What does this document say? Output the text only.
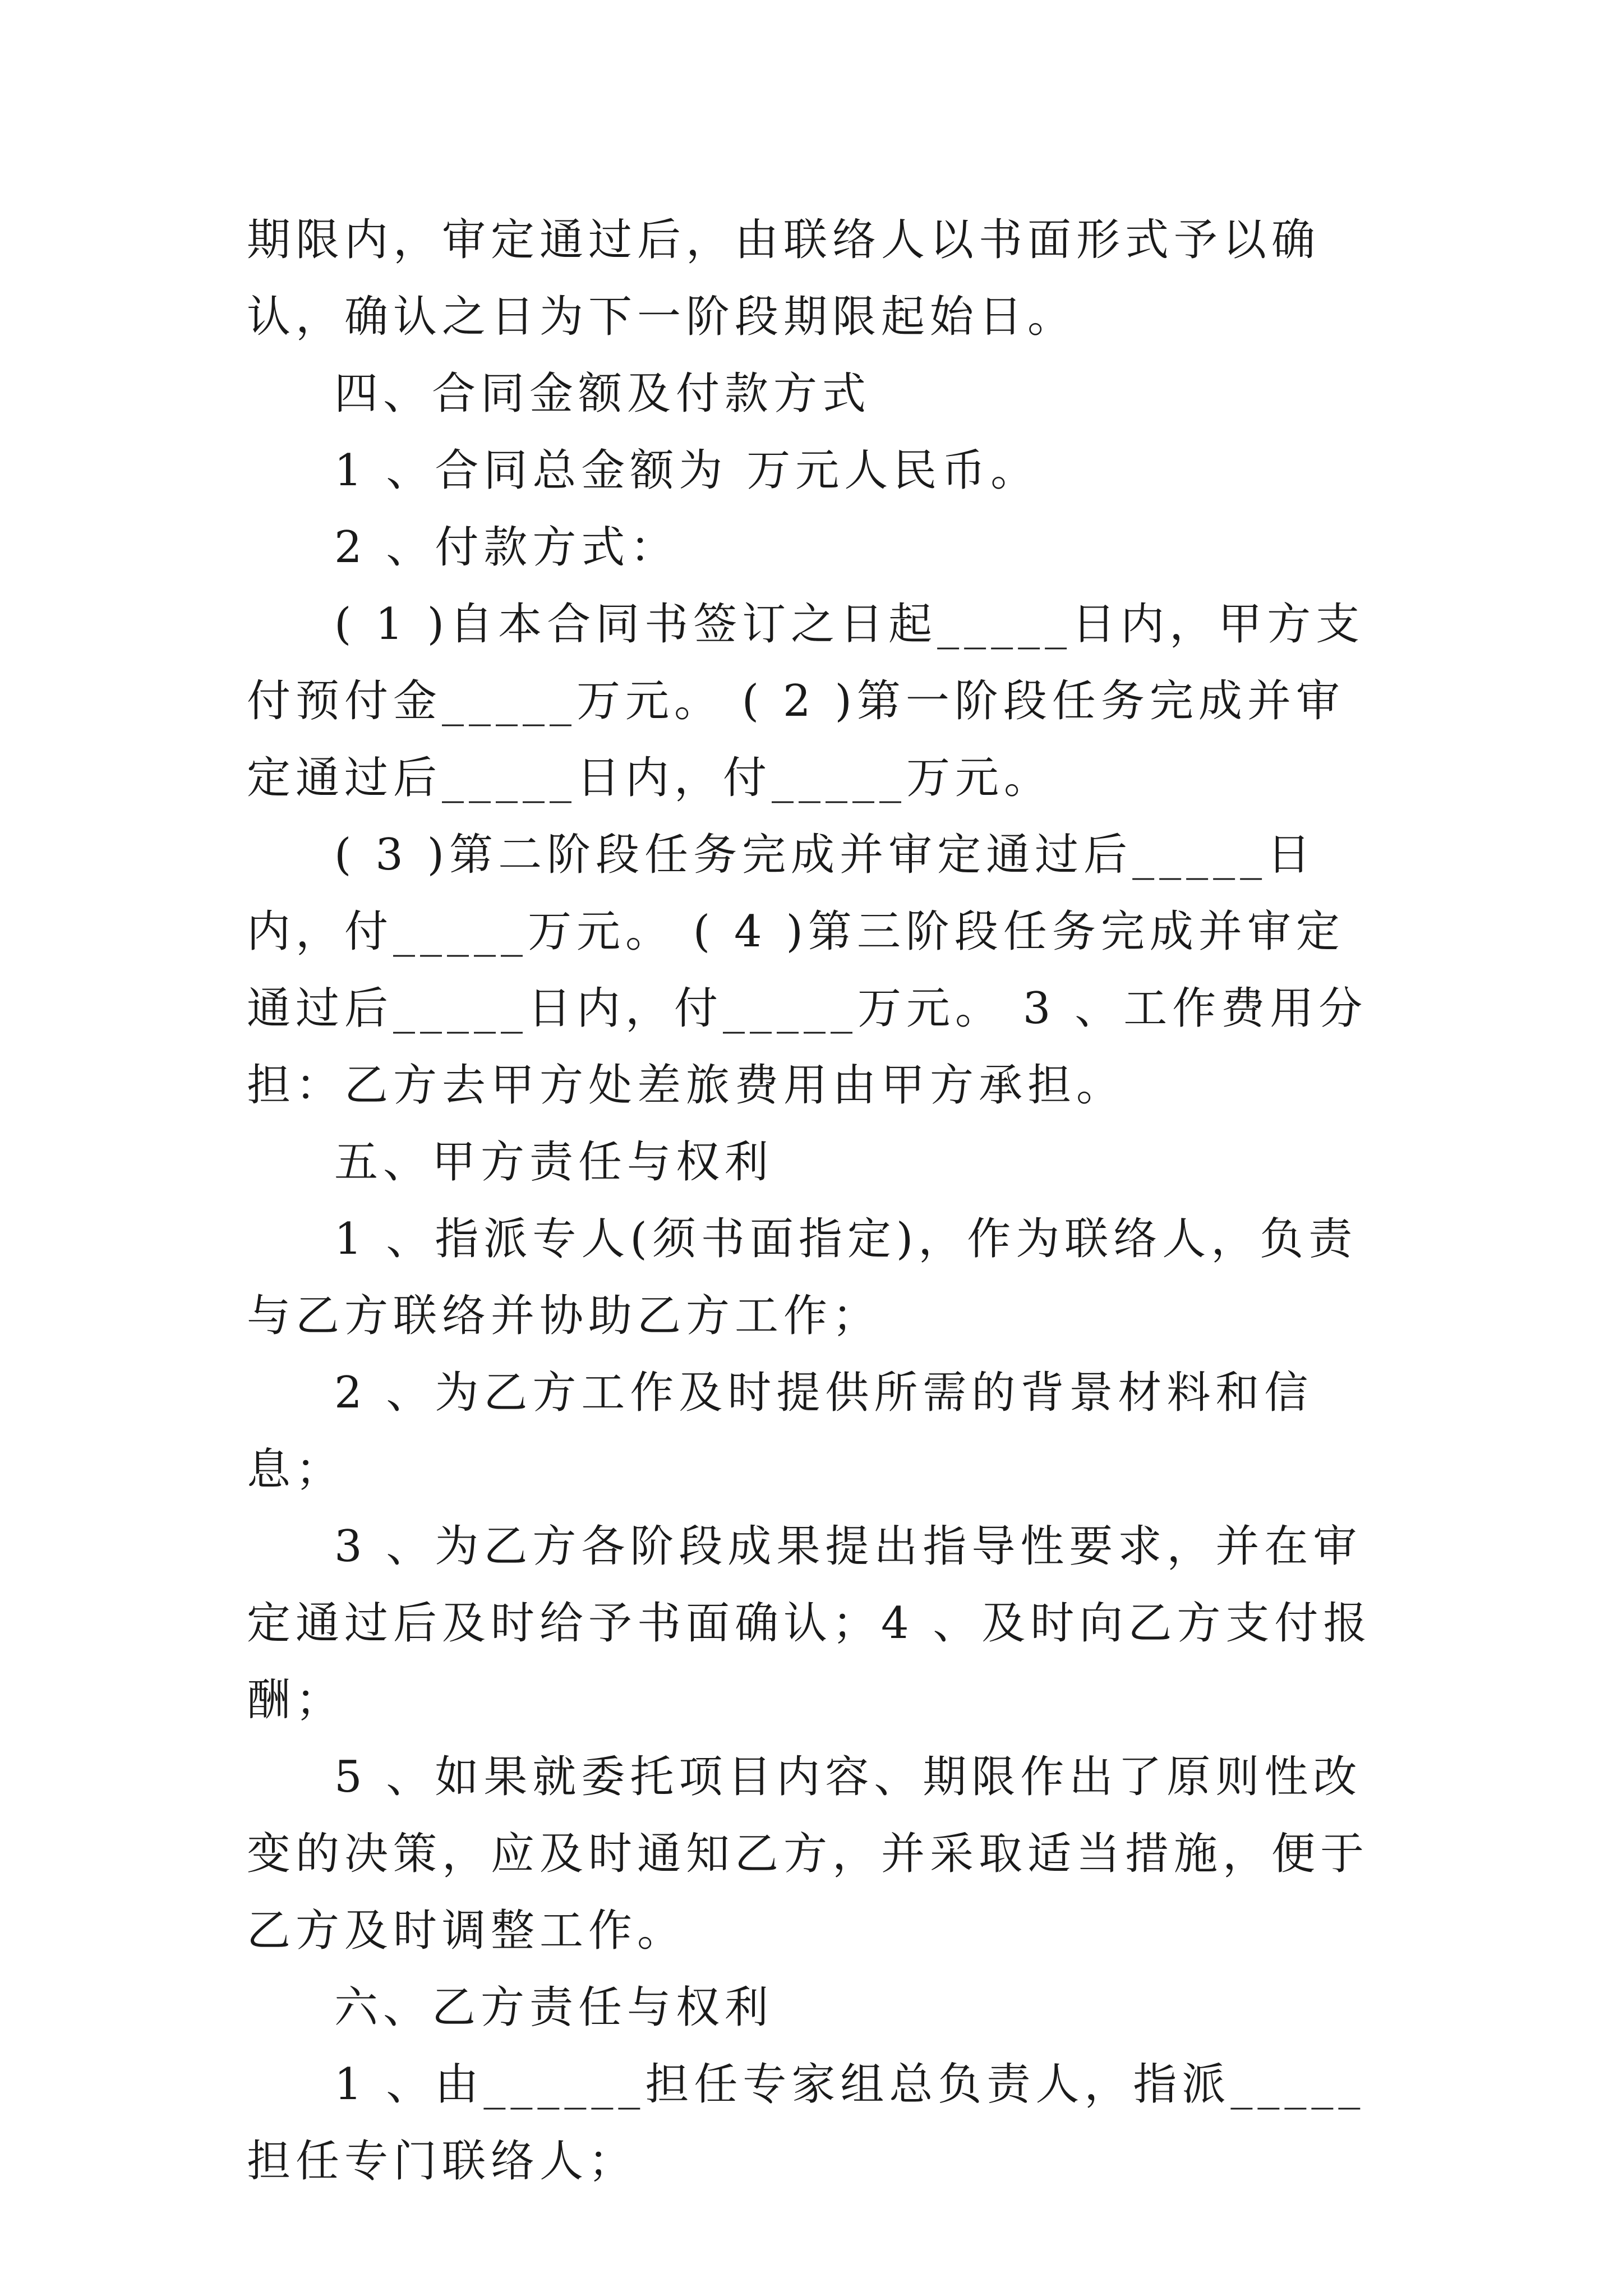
期限内，审定通过后，由联络人以书面形式予以确认，确认之日为下一阶段期限起始日。

四、合同金额及付款方式

1 、合同总金额为 万元人民币。

2 、付款方式：

( 1 )自本合同书签订之日起_____日内，甲方支付预付金_____万元。 ( 2 )第一阶段任务完成并审定通过后_____日内，付_____万元。

( 3 )第二阶段任务完成并审定通过后_____日内，付_____万元。 ( 4 )第三阶段任务完成并审定通过后_____日内，付_____万元。 3 、工作费用分担：乙方去甲方处差旅费用由甲方承担。

五、甲方责任与权利

1 、指派专人(须书面指定)，作为联络人，负责与乙方联络并协助乙方工作；

2 、为乙方工作及时提供所需的背景材料和信息；

3 、为乙方各阶段成果提出指导性要求，并在审定通过后及时给予书面确认；4 、及时向乙方支付报酬；

5 、如果就委托项目内容、期限作出了原则性改变的决策，应及时通知乙方，并采取适当措施，便于乙方及时调整工作。

六、乙方责任与权利

1 、由______担任专家组总负责人，指派_____担任专门联络人；
